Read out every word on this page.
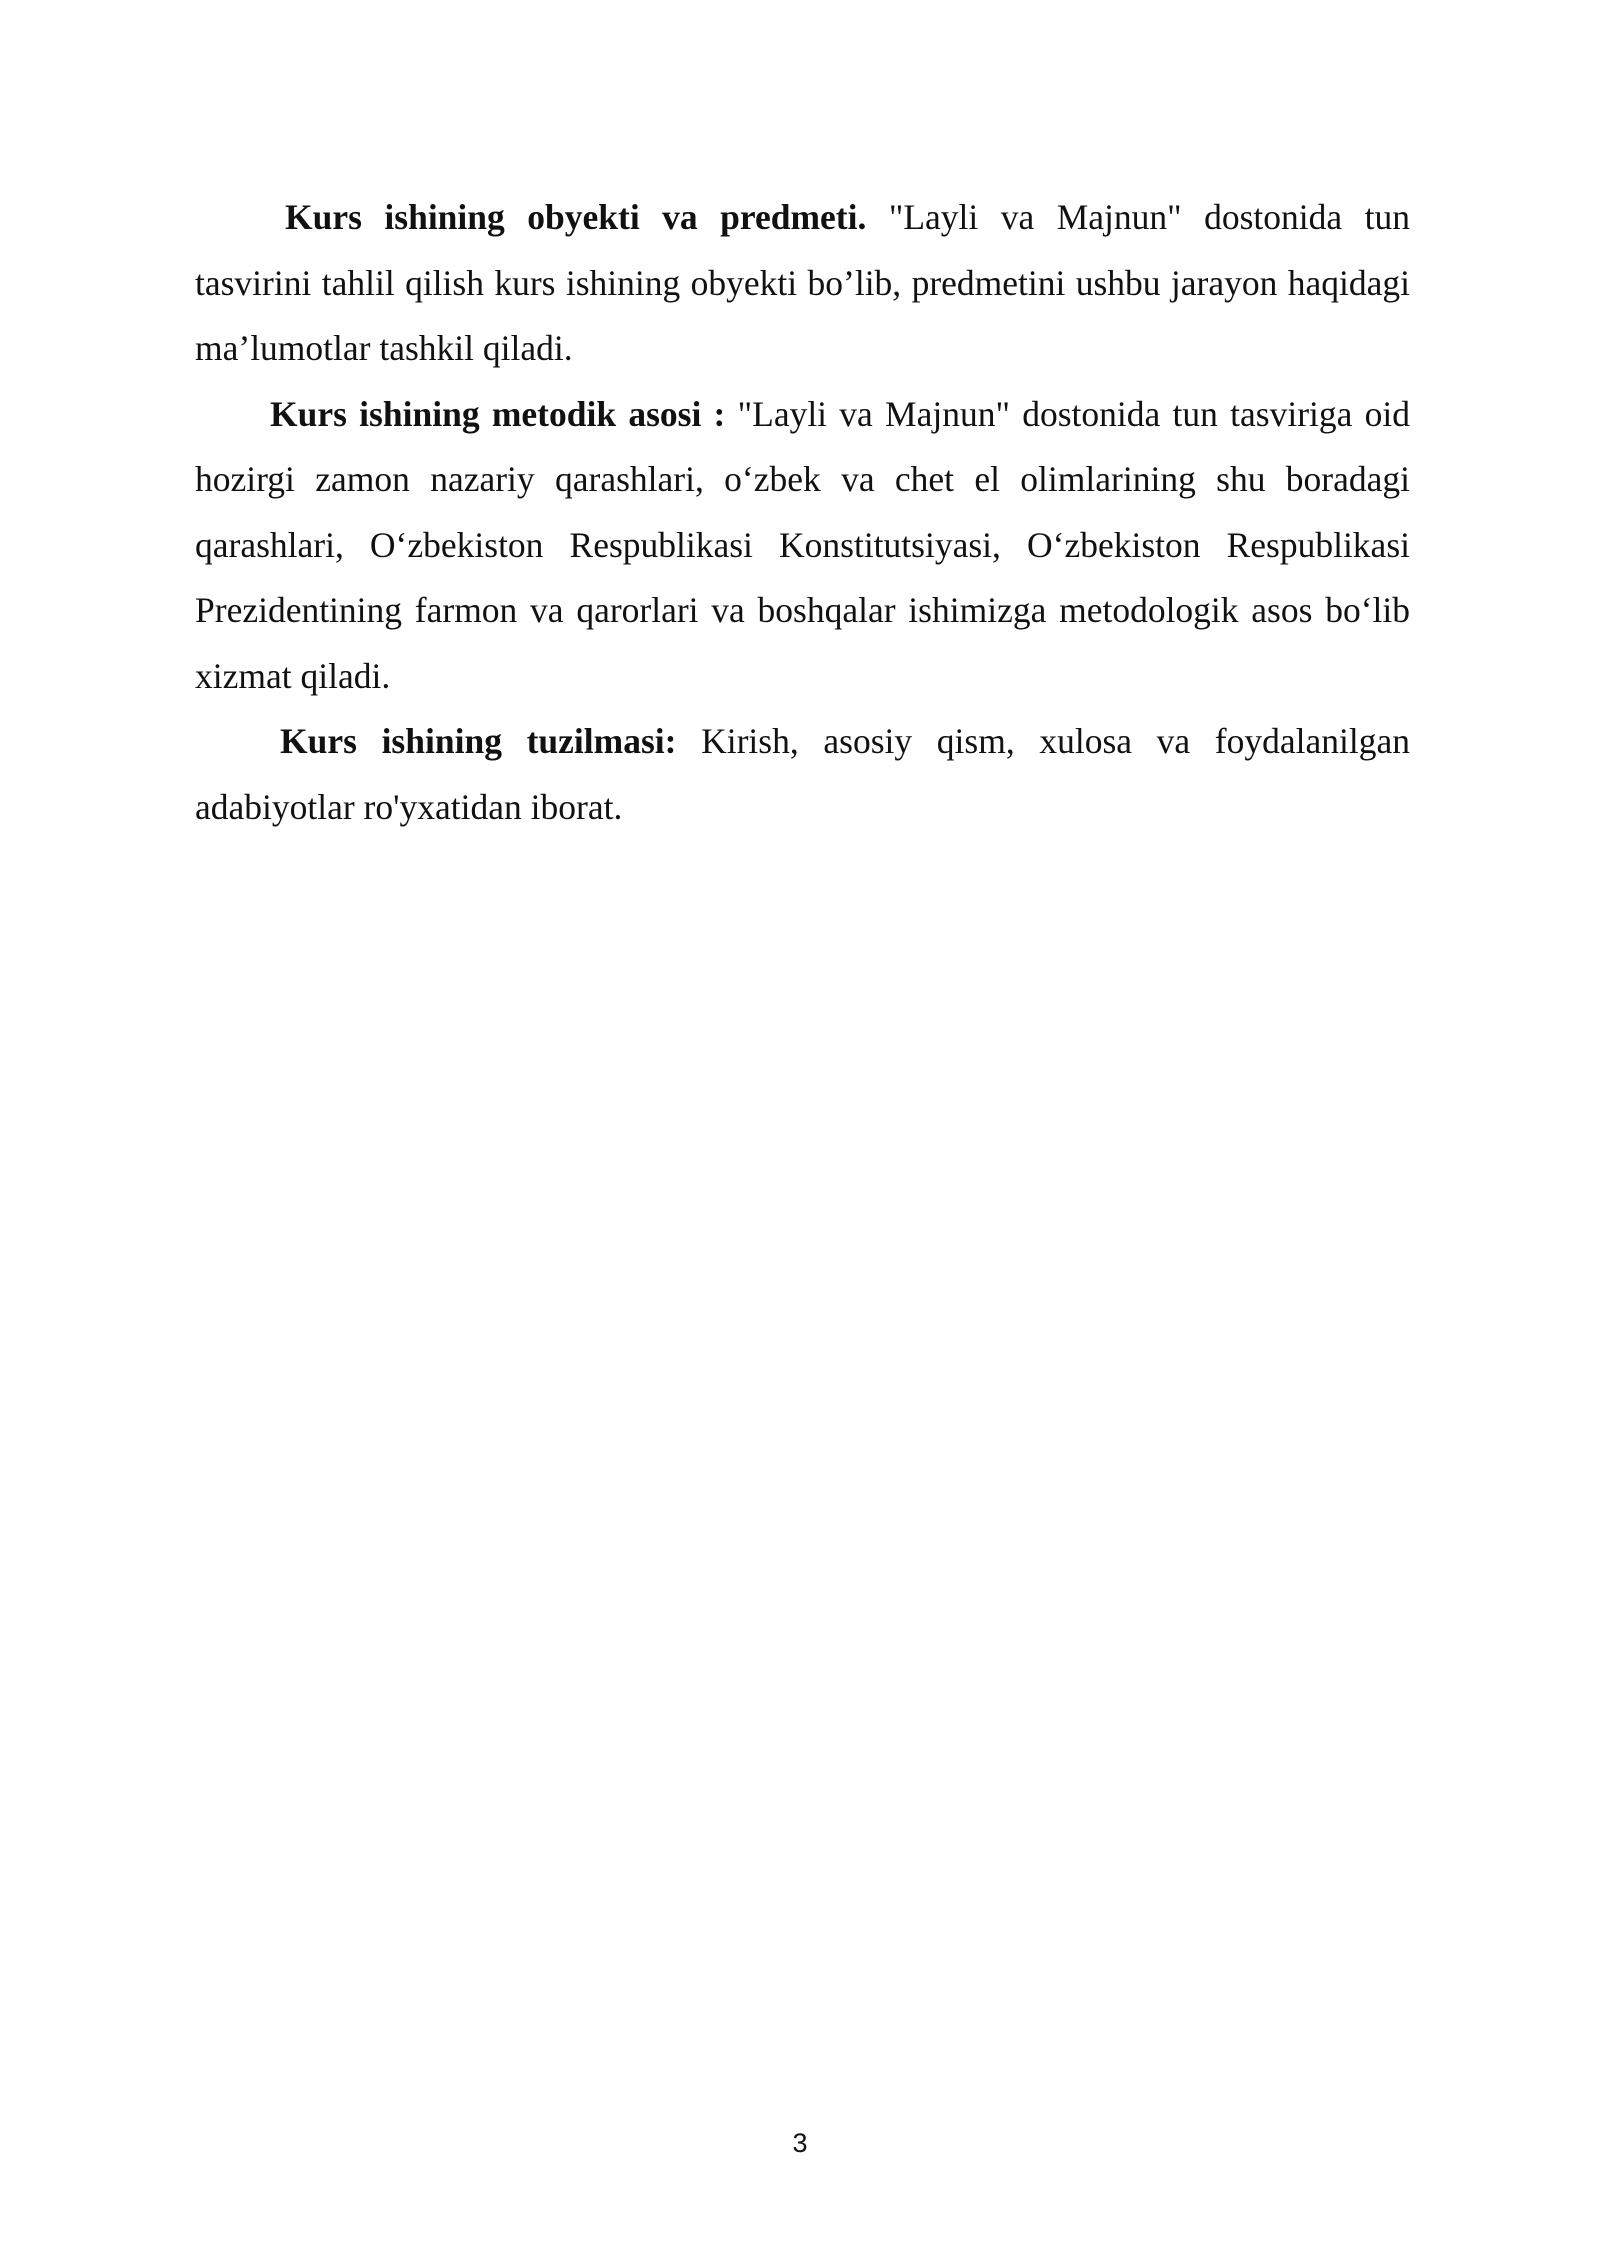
Kurs ishining obyekti va predmeti. "Layli va Majnun" dostonida tun tasvirini tahlil qilish kurs ishining obyekti bo’lib, predmetini ushbu jarayon haqidagi ma’lumotlar tashkil qiladi.

Kurs ishining metodik asosi : "Layli va Majnun" dostonida tun tasviriga oid hozirgi zamon nazariy qarashlari, o‘zbek va chet el olimlarining shu boradagi qarashlari, O‘zbekiston Respublikasi Konstitutsiyasi, O‘zbekiston Respublikasi Prezidentining farmon va qarorlari va boshqalar ishimizga metodologik asos bo‘lib xizmat qiladi.

Kurs ishining tuzilmasi: Kirish, asosiy qism, xulosa va foydalanilgan adabiyotlar ro'yxatidan iborat.

3
